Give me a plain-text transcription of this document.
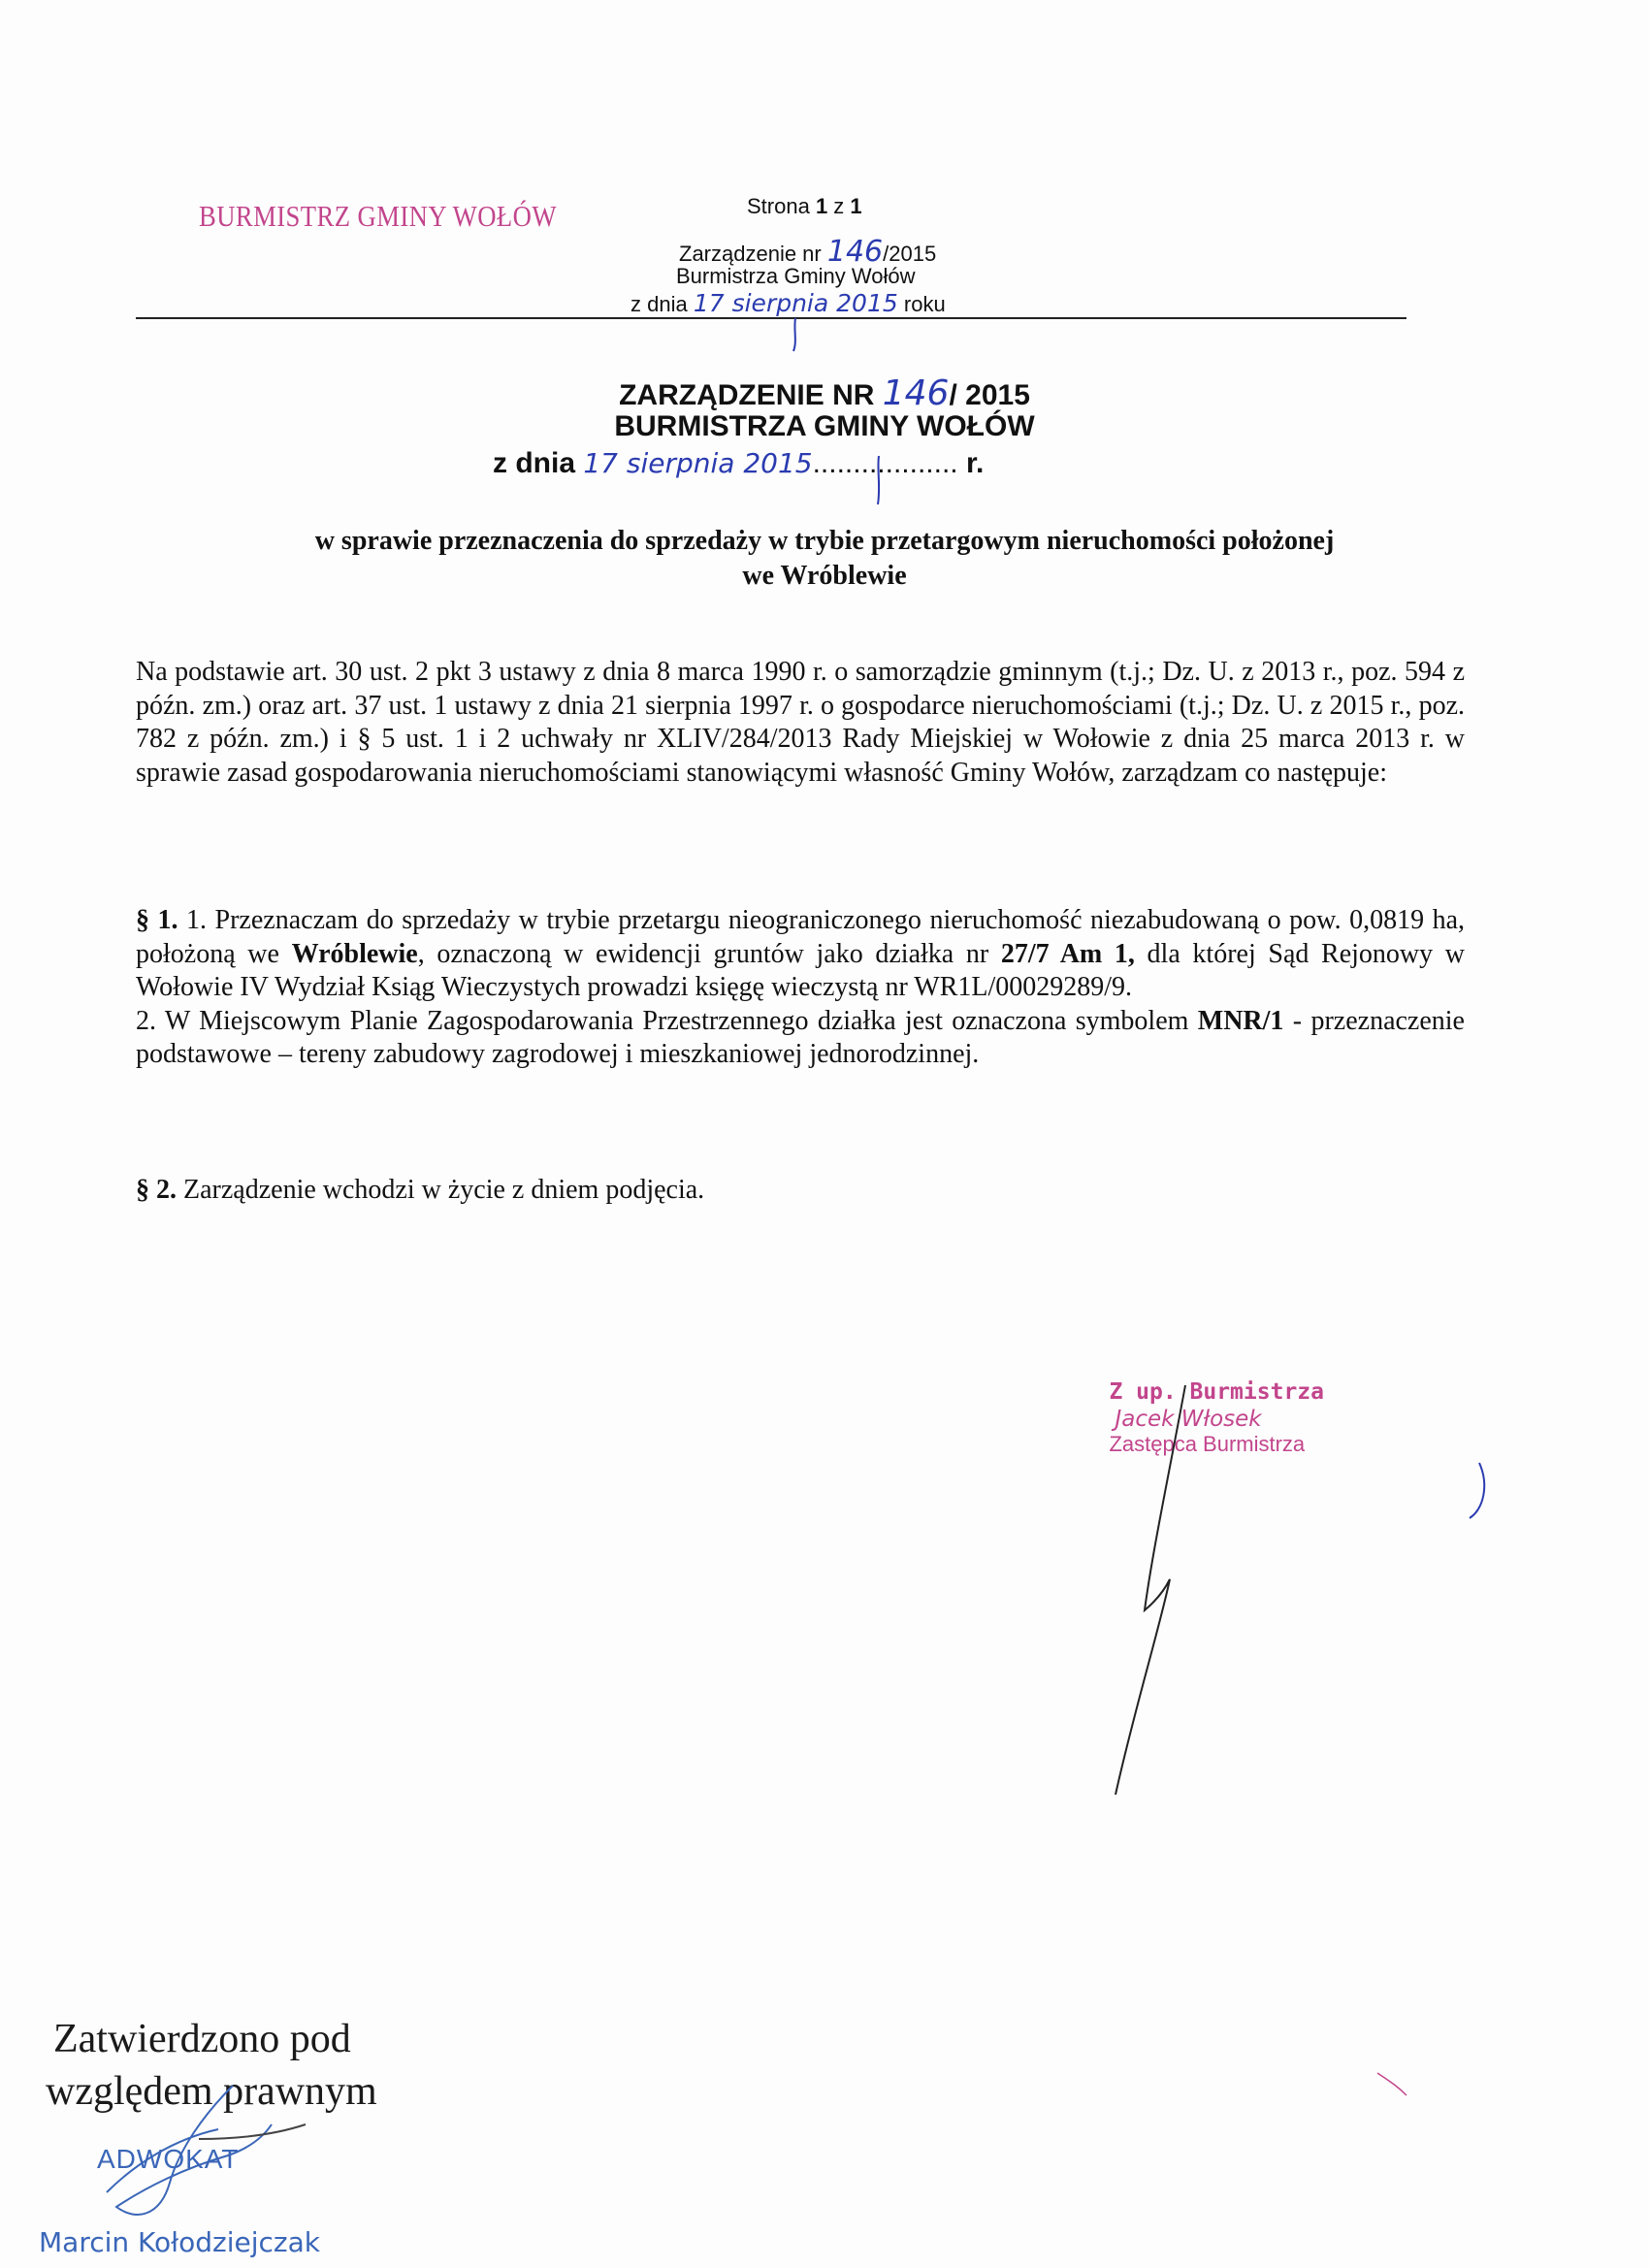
BURMISTRZ GMINY WOŁÓW	Strona 1 z 1
Zarządzenie nr 146/2015
Burmistrza Gminy Wołów
z dnia 17 sierpnia 2015 roku
ZARZĄDZENIE NR 146/ 2015
BURMISTRZA GMINY WOŁÓW
z dnia 17 sierpnia 2015.................. r.
w sprawie przeznaczenia do sprzedaży w trybie przetargowym nieruchomości położonej
we Wróblewie
Na podstawie art. 30 ust. 2 pkt 3 ustawy z dnia 8 marca 1990 r. o samorządzie gminnym (t.j.; Dz. U. z 2013 r., poz. 594 z późn. zm.) oraz art. 37 ust. 1 ustawy z dnia 21 sierpnia 1997 r. o gospodarce nieruchomościami (t.j.; Dz. U. z 2015 r., poz. 782 z późn. zm.) i § 5 ust. 1 i 2 uchwały nr XLIV/284/2013 Rady Miejskiej w Wołowie z dnia 25 marca 2013 r. w sprawie zasad gospodarowania nieruchomościami stanowiącymi własność Gminy Wołów, zarządzam co następuje:
§ 1. 1. Przeznaczam do sprzedaży w trybie przetargu nieograniczonego nieruchomość niezabudowaną o pow. 0,0819 ha, położoną we Wróblewie, oznaczoną w ewidencji gruntów jako działka nr 27/7 Am 1, dla której Sąd Rejonowy w Wołowie IV Wydział Ksiąg Wieczystych prowadzi księgę wieczystą nr WR1L/00029289/9.
2. W Miejscowym Planie Zagospodarowania Przestrzennego działka jest oznaczona symbolem MNR/1 - przeznaczenie podstawowe – tereny zabudowy zagrodowej i mieszkaniowej jednorodzinnej.
§ 2. Zarządzenie wchodzi w życie z dniem podjęcia.
Z up. Burmistrza
Jacek Włosek
Zastępca Burmistrza
Zatwierdzono pod
względem prawnym
ADWOKAT
Marcin Kołodziejczak
